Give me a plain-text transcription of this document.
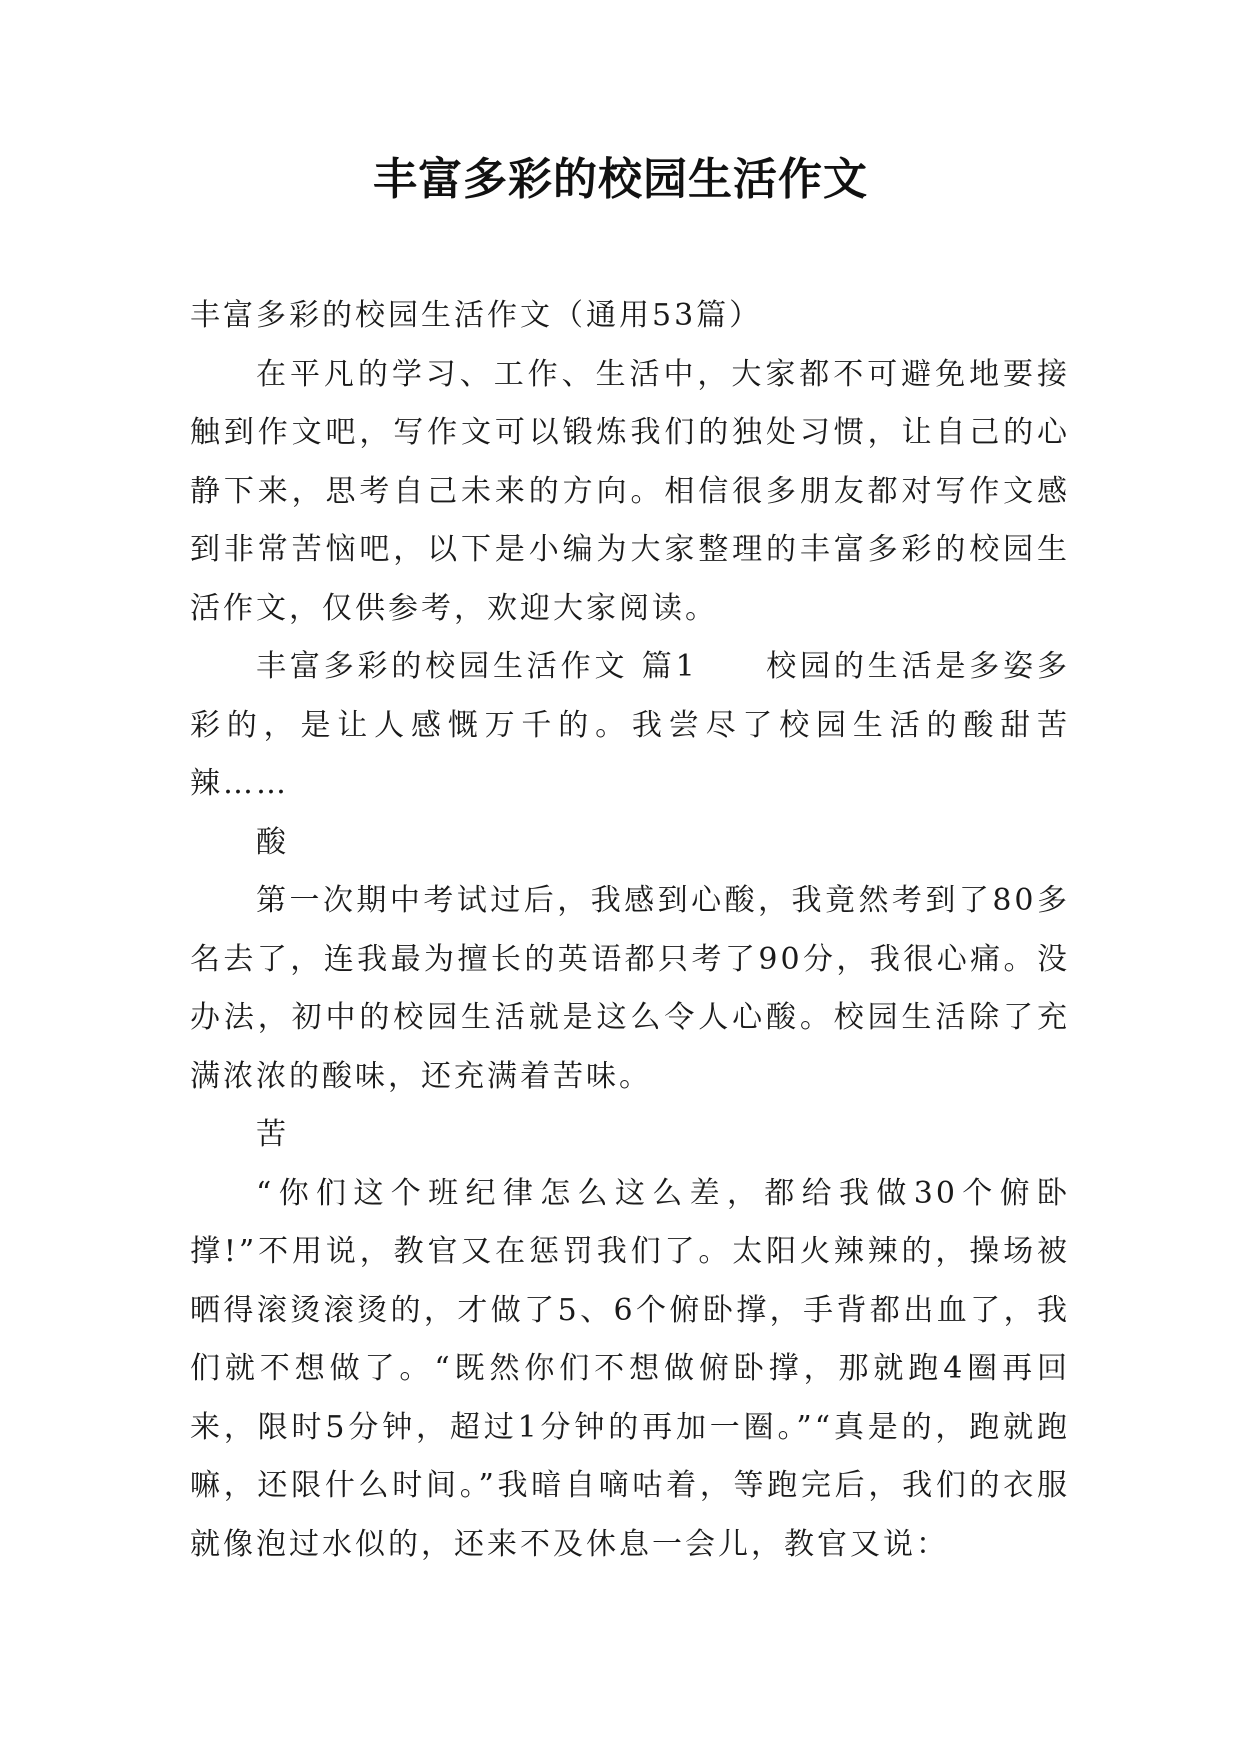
丰富多彩的校园生活作文

丰富多彩的校园生活作文（通用53篇）

在平凡的学习、工作、生活中，大家都不可避免地要接触到作文吧，写作文可以锻炼我们的独处习惯，让自己的心静下来，思考自己未来的方向。相信很多朋友都对写作文感到非常苦恼吧，以下是小编为大家整理的丰富多彩的校园生活作文，仅供参考，欢迎大家阅读。

丰富多彩的校园生活作文 篇1　　校园的生活是多姿多彩的，是让人感慨万千的。我尝尽了校园生活的酸甜苦辣……

酸

第一次期中考试过后，我感到心酸，我竟然考到了80多名去了，连我最为擅长的英语都只考了90分，我很心痛。没办法，初中的校园生活就是这么令人心酸。校园生活除了充满浓浓的酸味，还充满着苦味。

苦

“你们这个班纪律怎么这么差，都给我做30个俯卧撑!”不用说，教官又在惩罚我们了。太阳火辣辣的，操场被晒得滚烫滚烫的，才做了5、6个俯卧撑，手背都出血了，我们就不想做了。“既然你们不想做俯卧撑，那就跑4圈再回来，限时5分钟，超过1分钟的再加一圈。”“真是的，跑就跑嘛，还限什么时间。”我暗自嘀咕着，等跑完后，我们的衣服就像泡过水似的，还来不及休息一会儿，教官又说：
